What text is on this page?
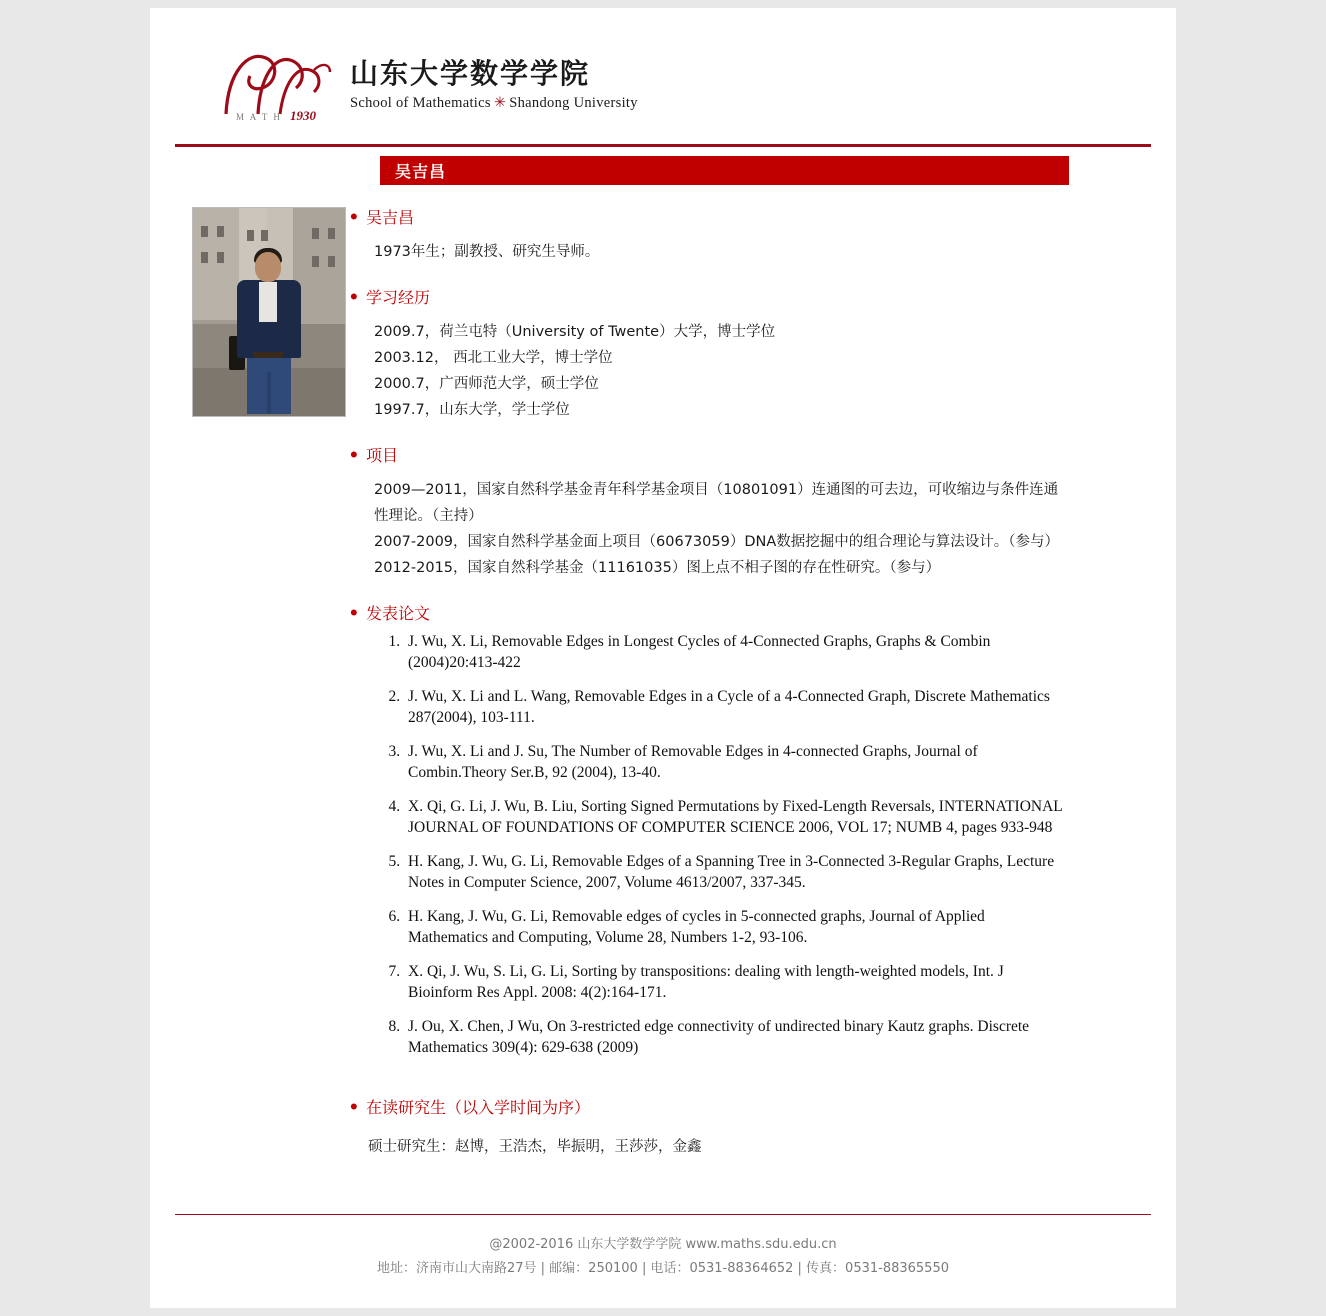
M A T H 1930
山东大学数学学院
School of Mathematics ✳ Shandong University
吴吉昌
• 吴吉昌
1973年生；副教授、研究生导师。
• 学习经历
2009.7，荷兰屯特（University of Twente）大学，博士学位
2003.12， 西北工业大学，博士学位
2000.7，广西师范大学，硕士学位
1997.7，山东大学，学士学位
• 项目
2009—2011，国家自然科学基金青年科学基金项目（10801091）连通图的可去边，可收缩边与条件连通性理论。（主持）
2007-2009，国家自然科学基金面上项目（60673059）DNA数据挖掘中的组合理论与算法设计。（参与）
2012-2015，国家自然科学基金（11161035）图上点不相子图的存在性研究。（参与）
• 发表论文
1. J. Wu, X. Li, Removable Edges in Longest Cycles of 4-Connected Graphs, Graphs & Combin (2004)20:413-422
2. J. Wu, X. Li and L. Wang, Removable Edges in a Cycle of a 4-Connected Graph, Discrete Mathematics 287(2004), 103-111.
3. J. Wu, X. Li and J. Su, The Number of Removable Edges in 4-connected Graphs, Journal of Combin.Theory Ser.B, 92 (2004), 13-40.
4. X. Qi, G. Li, J. Wu, B. Liu, Sorting Signed Permutations by Fixed-Length Reversals, INTERNATIONAL JOURNAL OF FOUNDATIONS OF COMPUTER SCIENCE 2006, VOL 17; NUMB 4, pages 933-948
5. H. Kang, J. Wu, G. Li, Removable Edges of a Spanning Tree in 3-Connected 3-Regular Graphs, Lecture Notes in Computer Science, 2007, Volume 4613/2007, 337-345.
6. H. Kang, J. Wu, G. Li, Removable edges of cycles in 5-connected graphs, Journal of Applied Mathematics and Computing, Volume 28, Numbers 1-2, 93-106.
7. X. Qi, J. Wu, S. Li, G. Li, Sorting by transpositions: dealing with length-weighted models, Int. J Bioinform Res Appl. 2008: 4(2):164-171.
8. J. Ou, X. Chen, J Wu, On 3-restricted edge connectivity of undirected binary Kautz graphs. Discrete Mathematics 309(4): 629-638 (2009)
• 在读研究生（以入学时间为序）
硕士研究生：赵博，王浩杰，毕振明，王莎莎，金鑫
@2002-2016 山东大学数学学院 www.maths.sdu.edu.cn
地址：济南市山大南路27号 | 邮编：250100 | 电话：0531-88364652 | 传真：0531-88365550
